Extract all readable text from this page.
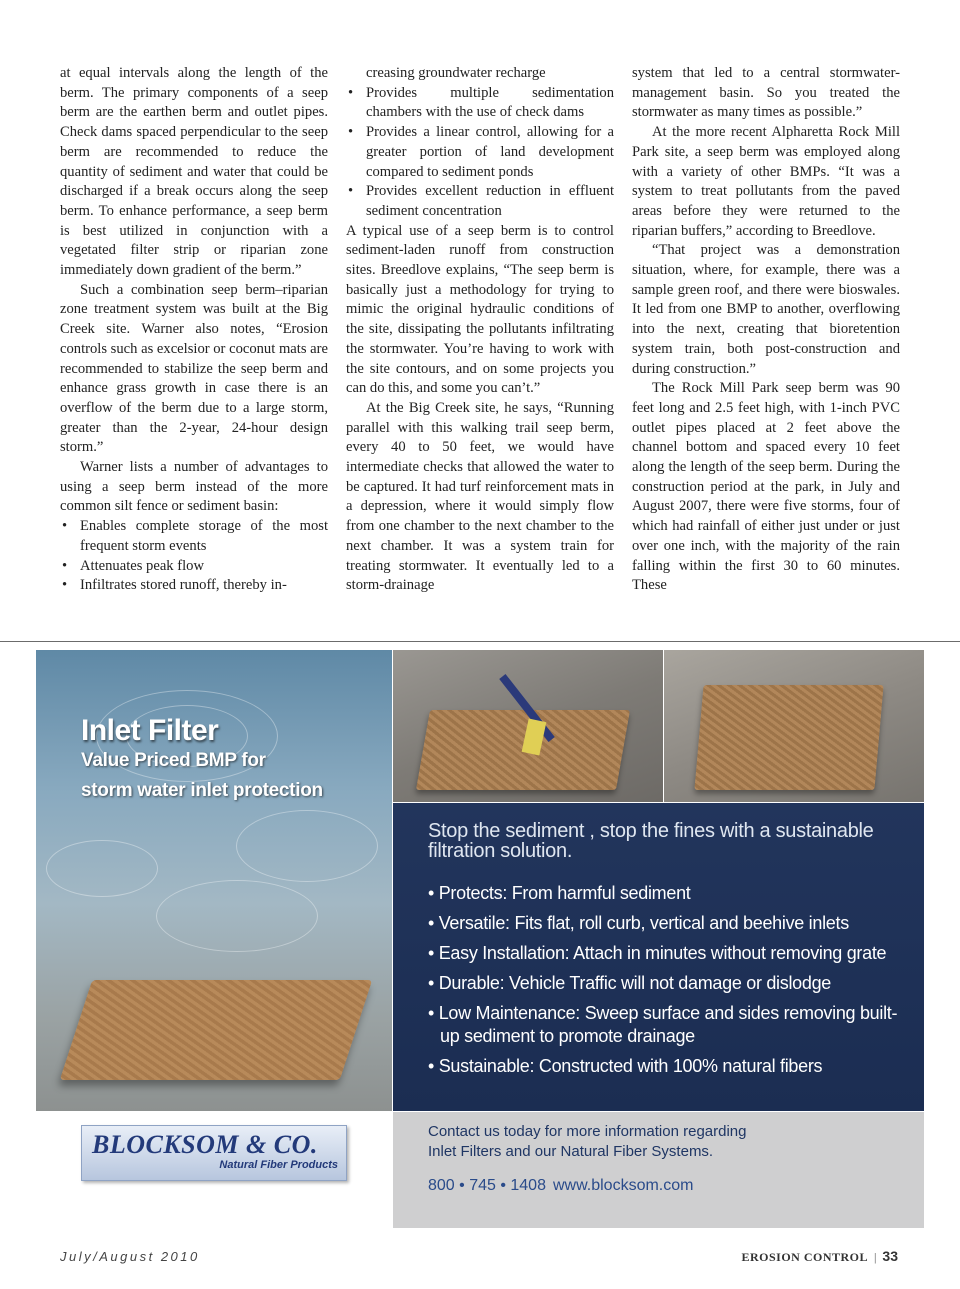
at equal intervals along the length of the berm. The primary components of a seep berm are the earthen berm and outlet pipes. Check dams spaced perpendicular to the seep berm are recommended to reduce the quantity of sediment and water that could be discharged if a break occurs along the seep berm. To enhance performance, a seep berm is best utilized in conjunction with a vegetated filter strip or riparian zone immediately down gradient of the berm.”

Such a combination seep berm–riparian zone treatment system was built at the Big Creek site. Warner also notes, “Erosion controls such as excelsior or coconut mats are recommended to stabilize the seep berm and enhance grass growth in case there is an overflow of the berm due to a large storm, greater than the 2-year, 24-hour design storm.”

Warner lists a number of advantages to using a seep berm instead of the more common silt fence or sediment basin:

• Enables complete storage of the most frequent storm events
• Attenuates peak flow
• Infiltrates stored runoff, thereby in-
creasing groundwater recharge
• Provides multiple sedimentation chambers with the use of check dams
• Provides a linear control, allowing for a greater portion of land development compared to sediment ponds
• Provides excellent reduction in effluent sediment concentration

A typical use of a seep berm is to control sediment-laden runoff from construction sites. Breedlove explains, “The seep berm is basically just a methodology for trying to mimic the original hydraulic conditions of the site, dissipating the pollutants infiltrating the stormwater. You’re having to work with the site contours, and on some projects you can do this, and some you can’t.”

At the Big Creek site, he says, “Running parallel with this walking trail seep berm, every 40 to 50 feet, we would have intermediate checks that allowed the water to be captured. It had turf reinforcement mats in a depression, where it would simply flow from one chamber to the next chamber to the next chamber. It was a system train for treating stormwater. It eventually led to a storm-drainage

system that led to a central stormwater-management basin. So you treated the stormwater as many times as possible.”

At the more recent Alpharetta Rock Mill Park site, a seep berm was employed along with a variety of other BMPs. “It was a system to treat pollutants from the paved areas before they were returned to the riparian buffers,” according to Breedlove.

“That project was a demonstration situation, where, for example, there was a sample green roof, and there were bioswales. It led from one BMP to another, overflowing into the next, creating that bioretention system train, both post-construction and during construction.”

The Rock Mill Park seep berm was 90 feet long and 2.5 feet high, with 1-inch PVC outlet pipes placed at 2 feet above the channel bottom and spaced every 10 feet along the length of the seep berm. During the construction period at the park, in July and August 2007, there were five storms, four of which had rainfall of either just under or just over one inch, with the majority of the rain falling within the first 30 to 60 minutes. These

Inlet Filter
Value Priced BMP for
storm water inlet protection
Stop the sediment , stop the fines with a sustainable filtration solution.
• Protects: From harmful sediment
• Versatile: Fits flat, roll curb, vertical and beehive inlets
• Easy Installation: Attach in minutes without removing grate
• Durable: Vehicle Traffic will not damage or dislodge
• Low Maintenance: Sweep surface and sides removing built-up sediment to promote drainage
• Sustainable: Constructed with 100% natural fibers
Contact us today for more information regarding
Inlet Filters and our Natural Fiber Systems.
800 • 745 • 1408 www.blocksom.com
BLOCKSOM & CO.
Natural Fiber Products
July/August 2010	EROSION CONTROL | 33
